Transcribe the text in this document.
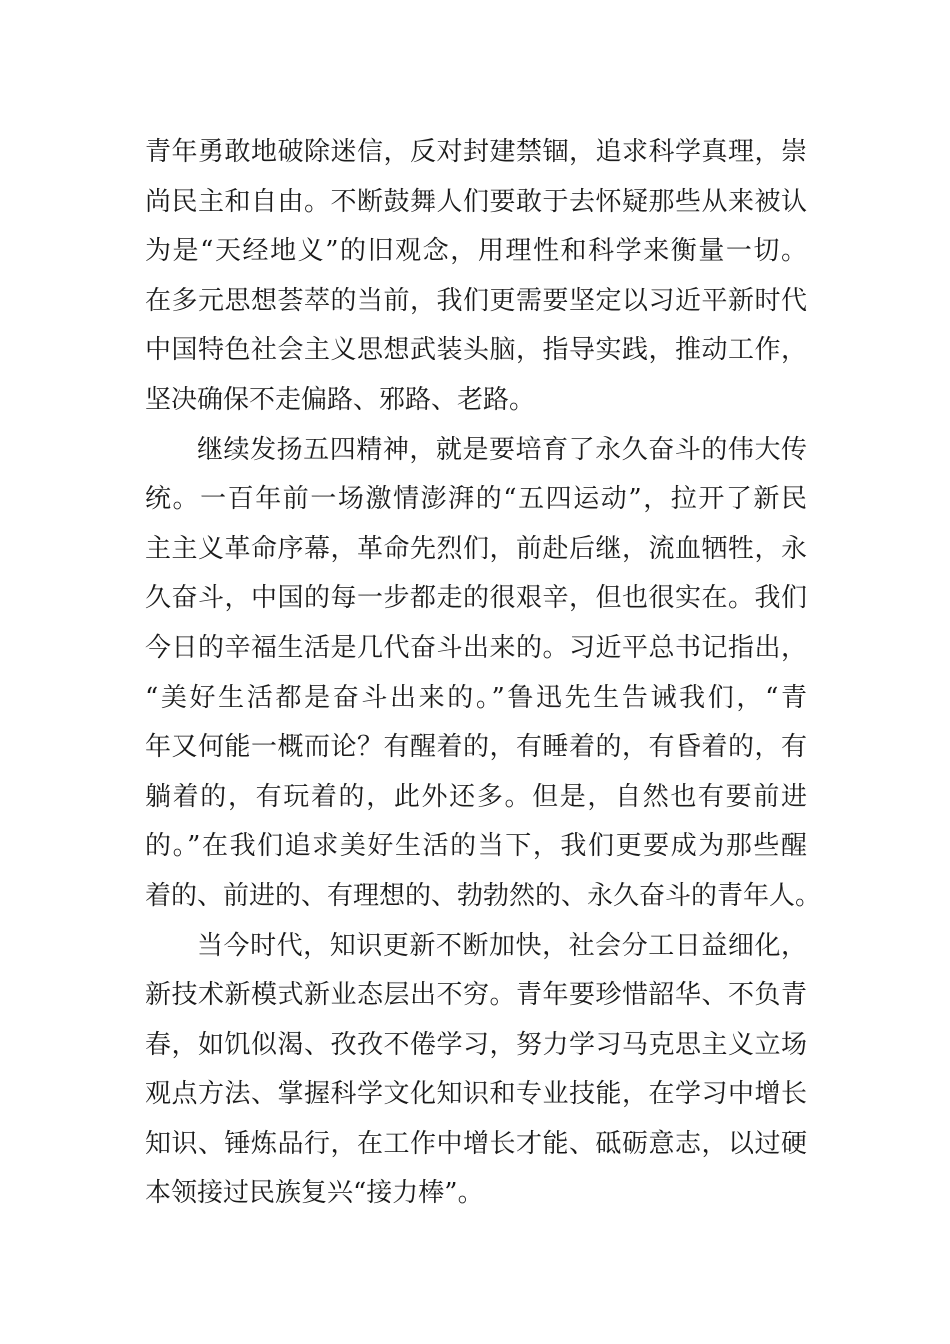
青年勇敢地破除迷信，反对封建禁锢，追求科学真理，崇
尚民主和自由。不断鼓舞人们要敢于去怀疑那些从来被认
为是“天经地义”的旧观念，用理性和科学来衡量一切。
在多元思想荟萃的当前，我们更需要坚定以习近平新时代
中国特色社会主义思想武装头脑，指导实践，推动工作，
坚决确保不走偏路、邪路、老路。
继续发扬五四精神，就是要培育了永久奋斗的伟大传
统。一百年前一场激情澎湃的“五四运动”，拉开了新民
主主义革命序幕，革命先烈们，前赴后继，流血牺牲，永
久奋斗，中国的每一步都走的很艰辛，但也很实在。我们
今日的辛福生活是几代奋斗出来的。习近平总书记指出，
“美好生活都是奋斗出来的。”鲁迅先生告诫我们，“青
年又何能一概而论？有醒着的，有睡着的，有昏着的，有
躺着的，有玩着的，此外还多。但是，自然也有要前进
的。”在我们追求美好生活的当下，我们更要成为那些醒
着的、前进的、有理想的、勃勃然的、永久奋斗的青年人。
当今时代，知识更新不断加快，社会分工日益细化，
新技术新模式新业态层出不穷。青年要珍惜韶华、不负青
春，如饥似渴、孜孜不倦学习，努力学习马克思主义立场
观点方法、掌握科学文化知识和专业技能，在学习中增长
知识、锤炼品行，在工作中增长才能、砥砺意志，以过硬
本领接过民族复兴“接力棒”。
